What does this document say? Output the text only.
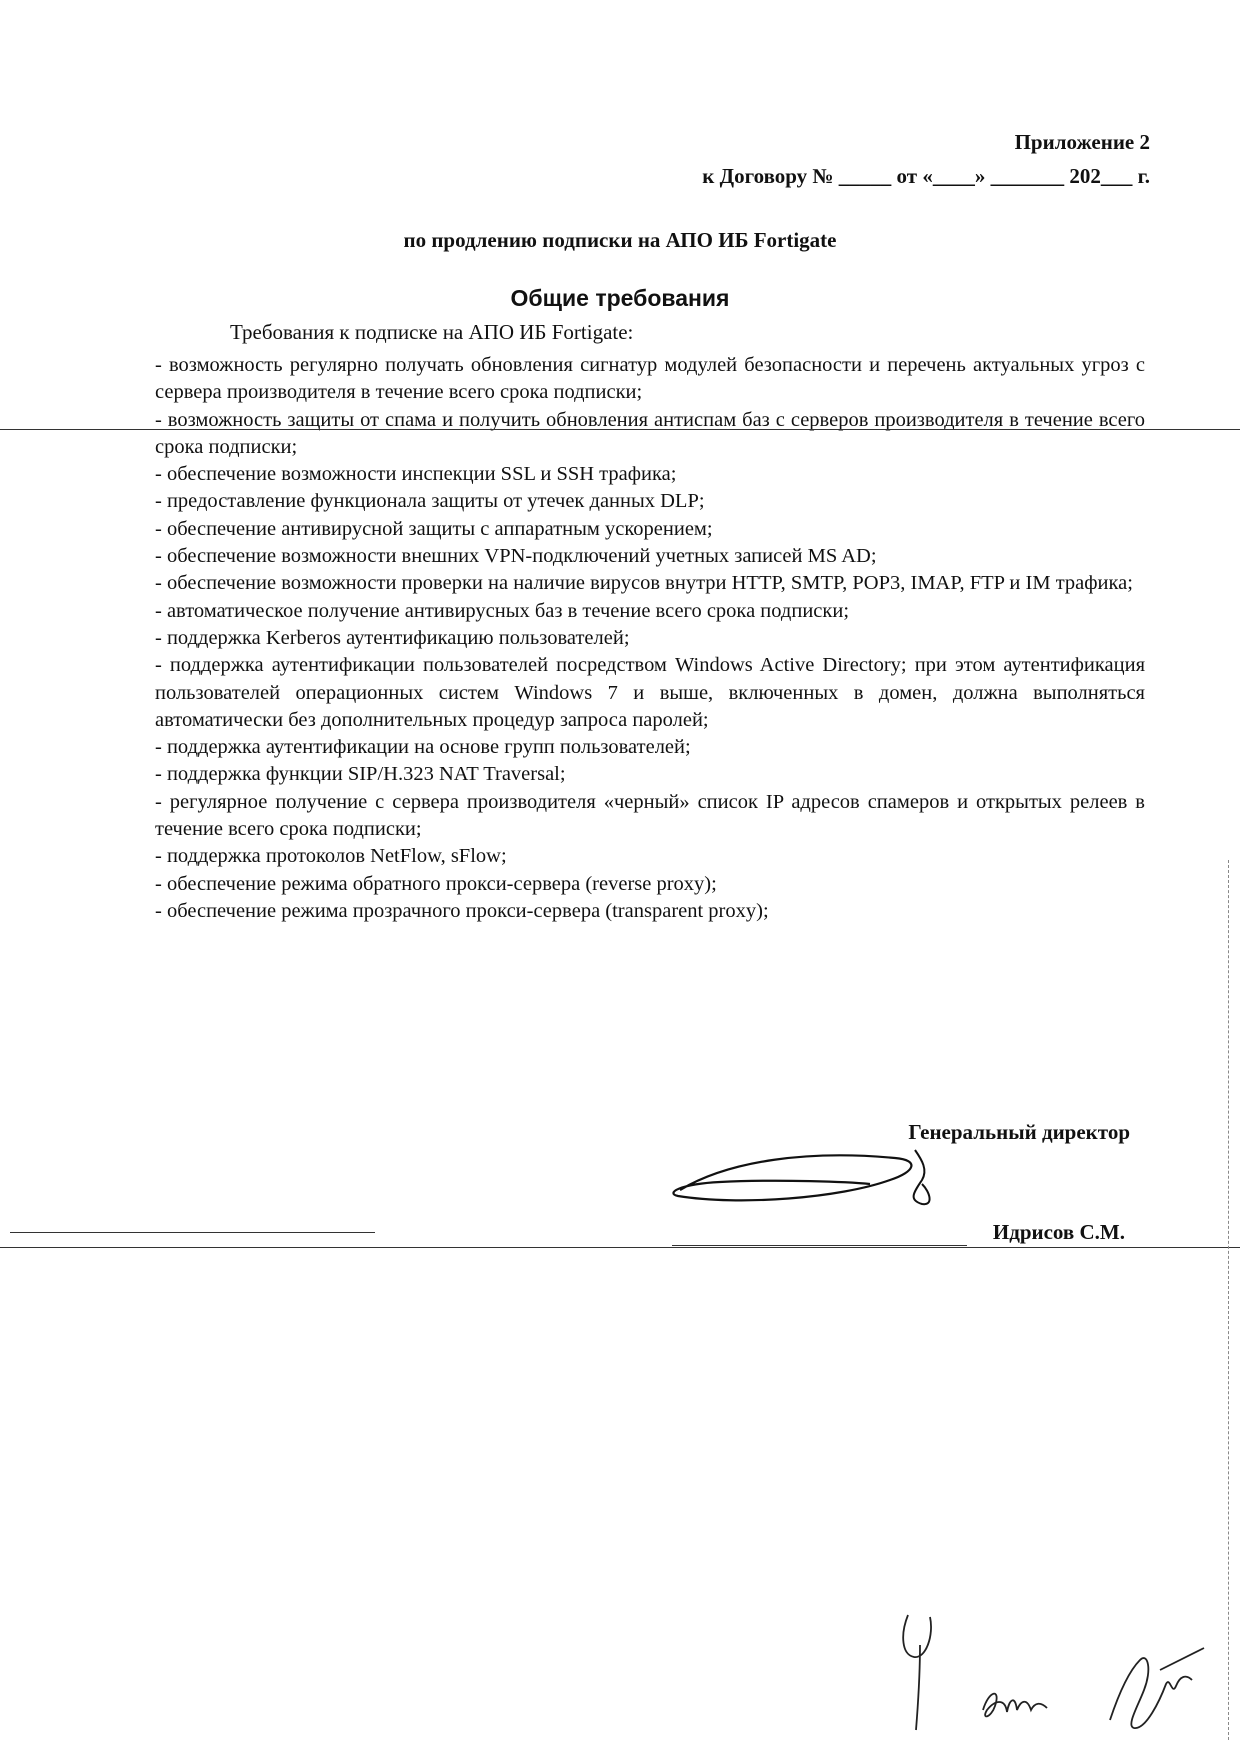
Приложение 2
к Договору № _____ от «____» _______ 202___ г.
по продлению подписки на АПО ИБ Fortigate
Общие требования
Требования к подписке на АПО ИБ Fortigate:
- возможность регулярно получать обновления сигнатур модулей безопасности и перечень актуальных угроз с сервера производителя в течение всего срока подписки;
- возможность защиты от спама и получить обновления антиспам баз с серверов производителя в течение всего срока подписки;
- обеспечение возможности инспекции SSL и SSH трафика;
- предоставление функционала защиты от утечек данных DLP;
- обеспечение антивирусной защиты с аппаратным ускорением;
- обеспечение возможности внешних VPN-подключений учетных записей MS AD;
- обеспечение возможности проверки на наличие вирусов внутри HTTP, SMTP, POP3, IMAP, FTP и IM трафика;
- автоматическое получение антивирусных баз в течение всего срока подписки;
- поддержка Kerberos аутентификацию пользователей;
- поддержка аутентификации пользователей посредством Windows Active Directory; при этом аутентификация пользователей операционных систем Windows 7 и выше, включенных в домен, должна выполняться автоматически без дополнительных процедур запроса паролей;
- поддержка аутентификации на основе групп пользователей;
- поддержка функции SIP/H.323 NAT Traversal;
- регулярное получение с сервера производителя «черный» список IP адресов спамеров и открытых релеев в течение всего срока подписки;
- поддержка протоколов NetFlow, sFlow;
- обеспечение режима обратного прокси-сервера (reverse proxy);
- обеспечение режима прозрачного прокси-сервера (transparent proxy);
Генеральный директор
Идрисов С.М.
